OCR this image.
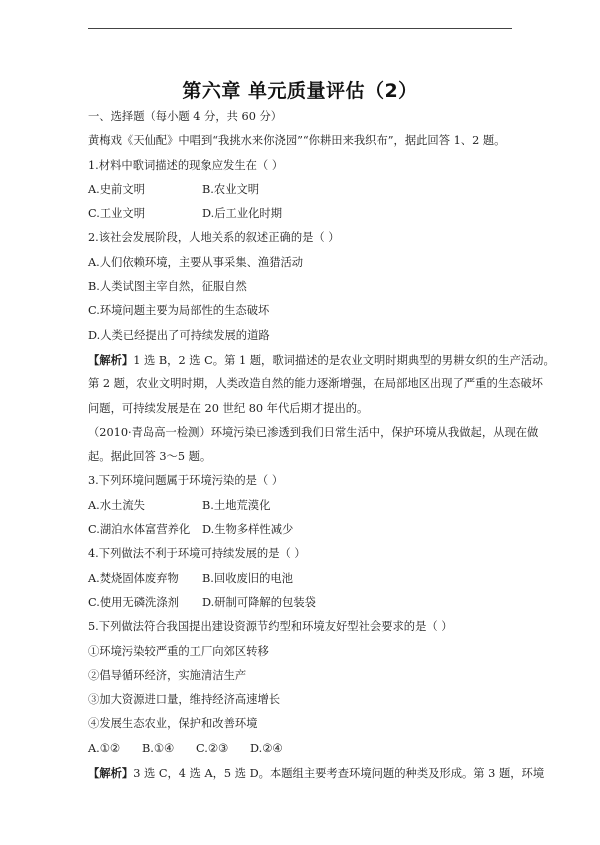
第六章 单元质量评估（2）
一、选择题（每小题 4 分，共 60 分）
黄梅戏《天仙配》中唱到“我挑水来你浇园”“你耕田来我织布”，据此回答 1、2 题。
1.材料中歌词描述的现象应发生在（ ）
A.史前文明	B.农业文明
C.工业文明	D.后工业化时期
2.该社会发展阶段，人地关系的叙述正确的是（ ）
A.人们依赖环境，主要从事采集、渔猎活动
B.人类试图主宰自然，征服自然
C.环境问题主要为局部性的生态破坏
D.人类已经提出了可持续发展的道路
【解析】1 选 B，2 选 C。第 1 题，歌词描述的是农业文明时期典型的男耕女织的生产活动。
第 2 题，农业文明时期，人类改造自然的能力逐渐增强，在局部地区出现了严重的生态破坏
问题，可持续发展是在 20 世纪 80 年代后期才提出的。
（2010·青岛高一检测）环境污染已渗透到我们日常生活中，保护环境从我做起，从现在做
起。据此回答 3～5 题。
3.下列环境问题属于环境污染的是（ ）
A.水土流失	B.土地荒漠化
C.湖泊水体富营养化 D.生物多样性减少
4.下列做法不利于环境可持续发展的是（ ）
A.焚烧固体废弃物 B.回收废旧的电池
C.使用无磷洗涤剂 D.研制可降解的包装袋
5.下列做法符合我国提出建设资源节约型和环境友好型社会要求的是（ ）
①环境污染较严重的工厂向郊区转移
②倡导循环经济，实施清洁生产
③加大资源进口量，维持经济高速增长
④发展生态农业，保护和改善环境
A.①② B.①④ C.②③ D.②④
【解析】3 选 C，4 选 A，5 选 D。本题组主要考查环境问题的种类及形成。第 3 题，环境
